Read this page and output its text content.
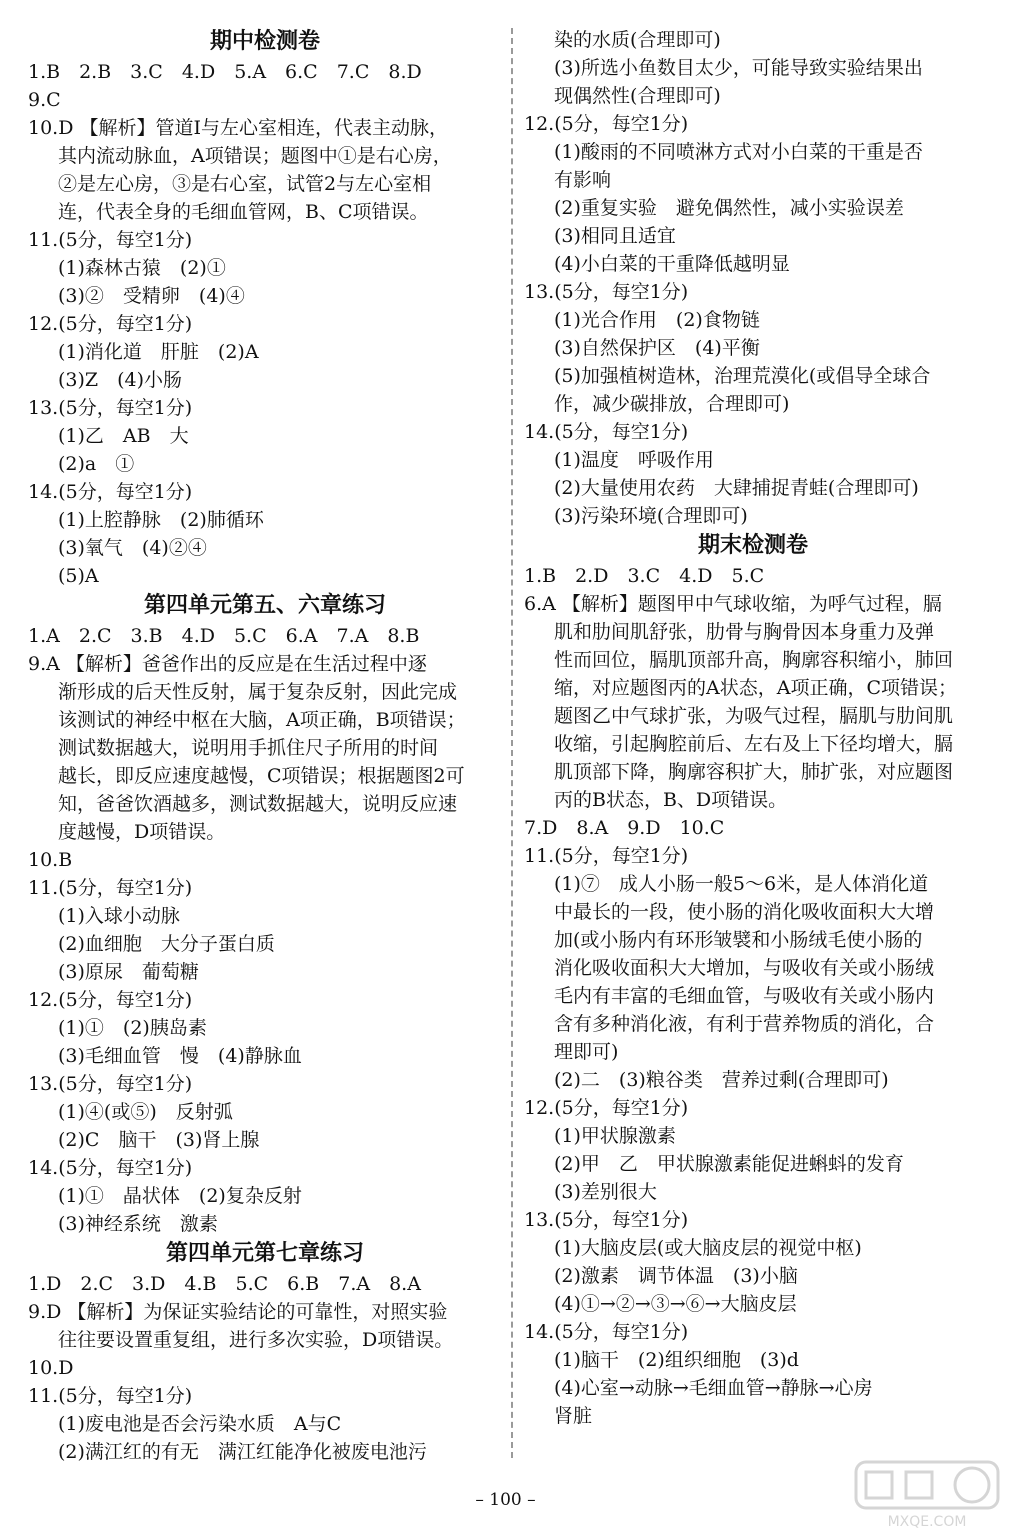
期中检测卷
1.B　2.B　3.C　4.D　5.A　6.C　7.C　8.D
9.C
10.D 【解析】管道Ⅰ与左心室相连，代表主动脉，
其内流动脉血，A项错误；题图中①是右心房，
②是左心房，③是右心室，试管2与左心室相
连，代表全身的毛细血管网，B、C项错误。
11.(5分，每空1分)
(1)森林古猿　(2)①
(3)②　受精卵　(4)④
12.(5分，每空1分)
(1)消化道　肝脏　(2)A
(3)Z　(4)小肠
13.(5分，每空1分)
(1)乙　AB　大
(2)a　①
14.(5分，每空1分)
(1)上腔静脉　(2)肺循环
(3)氧气　(4)②④
(5)A
第四单元第五、六章练习
1.A　2.C　3.B　4.D　5.C　6.A　7.A　8.B
9.A 【解析】爸爸作出的反应是在生活过程中逐
渐形成的后天性反射，属于复杂反射，因此完成
该测试的神经中枢在大脑，A项正确，B项错误；
测试数据越大，说明用手抓住尺子所用的时间
越长，即反应速度越慢，C项错误；根据题图2可
知，爸爸饮酒越多，测试数据越大，说明反应速
度越慢，D项错误。
10.B
11.(5分，每空1分)
(1)入球小动脉
(2)血细胞　大分子蛋白质
(3)原尿　葡萄糖
12.(5分，每空1分)
(1)①　(2)胰岛素
(3)毛细血管　慢　(4)静脉血
13.(5分，每空1分)
(1)④(或⑤)　反射弧
(2)C　脑干　(3)肾上腺
14.(5分，每空1分)
(1)①　晶状体　(2)复杂反射
(3)神经系统　激素
第四单元第七章练习
1.D　2.C　3.D　4.B　5.C　6.B　7.A　8.A
9.D 【解析】为保证实验结论的可靠性，对照实验
往往要设置重复组，进行多次实验，D项错误。
10.D
11.(5分，每空1分)
(1)废电池是否会污染水质　A与C
(2)满江红的有无　满江红能净化被废电池污
染的水质(合理即可)
(3)所选小鱼数目太少，可能导致实验结果出
现偶然性(合理即可)
12.(5分，每空1分)
(1)酸雨的不同喷淋方式对小白菜的干重是否
有影响
(2)重复实验　避免偶然性，减小实验误差
(3)相同且适宜
(4)小白菜的干重降低越明显
13.(5分，每空1分)
(1)光合作用　(2)食物链
(3)自然保护区　(4)平衡
(5)加强植树造林，治理荒漠化(或倡导全球合
作，减少碳排放，合理即可)
14.(5分，每空1分)
(1)温度　呼吸作用
(2)大量使用农药　大肆捕捉青蛙(合理即可)
(3)污染环境(合理即可)
期末检测卷
1.B　2.D　3.C　4.D　5.C
6.A 【解析】题图甲中气球收缩，为呼气过程，膈
肌和肋间肌舒张，肋骨与胸骨因本身重力及弹
性而回位，膈肌顶部升高，胸廓容积缩小，肺回
缩，对应题图丙的A状态，A项正确，C项错误；
题图乙中气球扩张，为吸气过程，膈肌与肋间肌
收缩，引起胸腔前后、左右及上下径均增大，膈
肌顶部下降，胸廓容积扩大，肺扩张，对应题图
丙的B状态，B、D项错误。
7.D　8.A　9.D　10.C
11.(5分，每空1分)
(1)⑦　成人小肠一般5～6米，是人体消化道
中最长的一段，使小肠的消化吸收面积大大增
加(或小肠内有环形皱襞和小肠绒毛使小肠的
消化吸收面积大大增加，与吸收有关或小肠绒
毛内有丰富的毛细血管，与吸收有关或小肠内
含有多种消化液，有利于营养物质的消化，合
理即可)
(2)二　(3)粮谷类　营养过剩(合理即可)
12.(5分，每空1分)
(1)甲状腺激素
(2)甲　乙　甲状腺激素能促进蝌蚪的发育
(3)差别很大
13.(5分，每空1分)
(1)大脑皮层(或大脑皮层的视觉中枢)
(2)激素　调节体温　(3)小脑
(4)①→②→③→⑥→大脑皮层
14.(5分，每空1分)
(1)脑干　(2)组织细胞　(3)d
(4)心室→动脉→毛细血管→静脉→心房
肾脏
– 100 –
MXQE.COM
